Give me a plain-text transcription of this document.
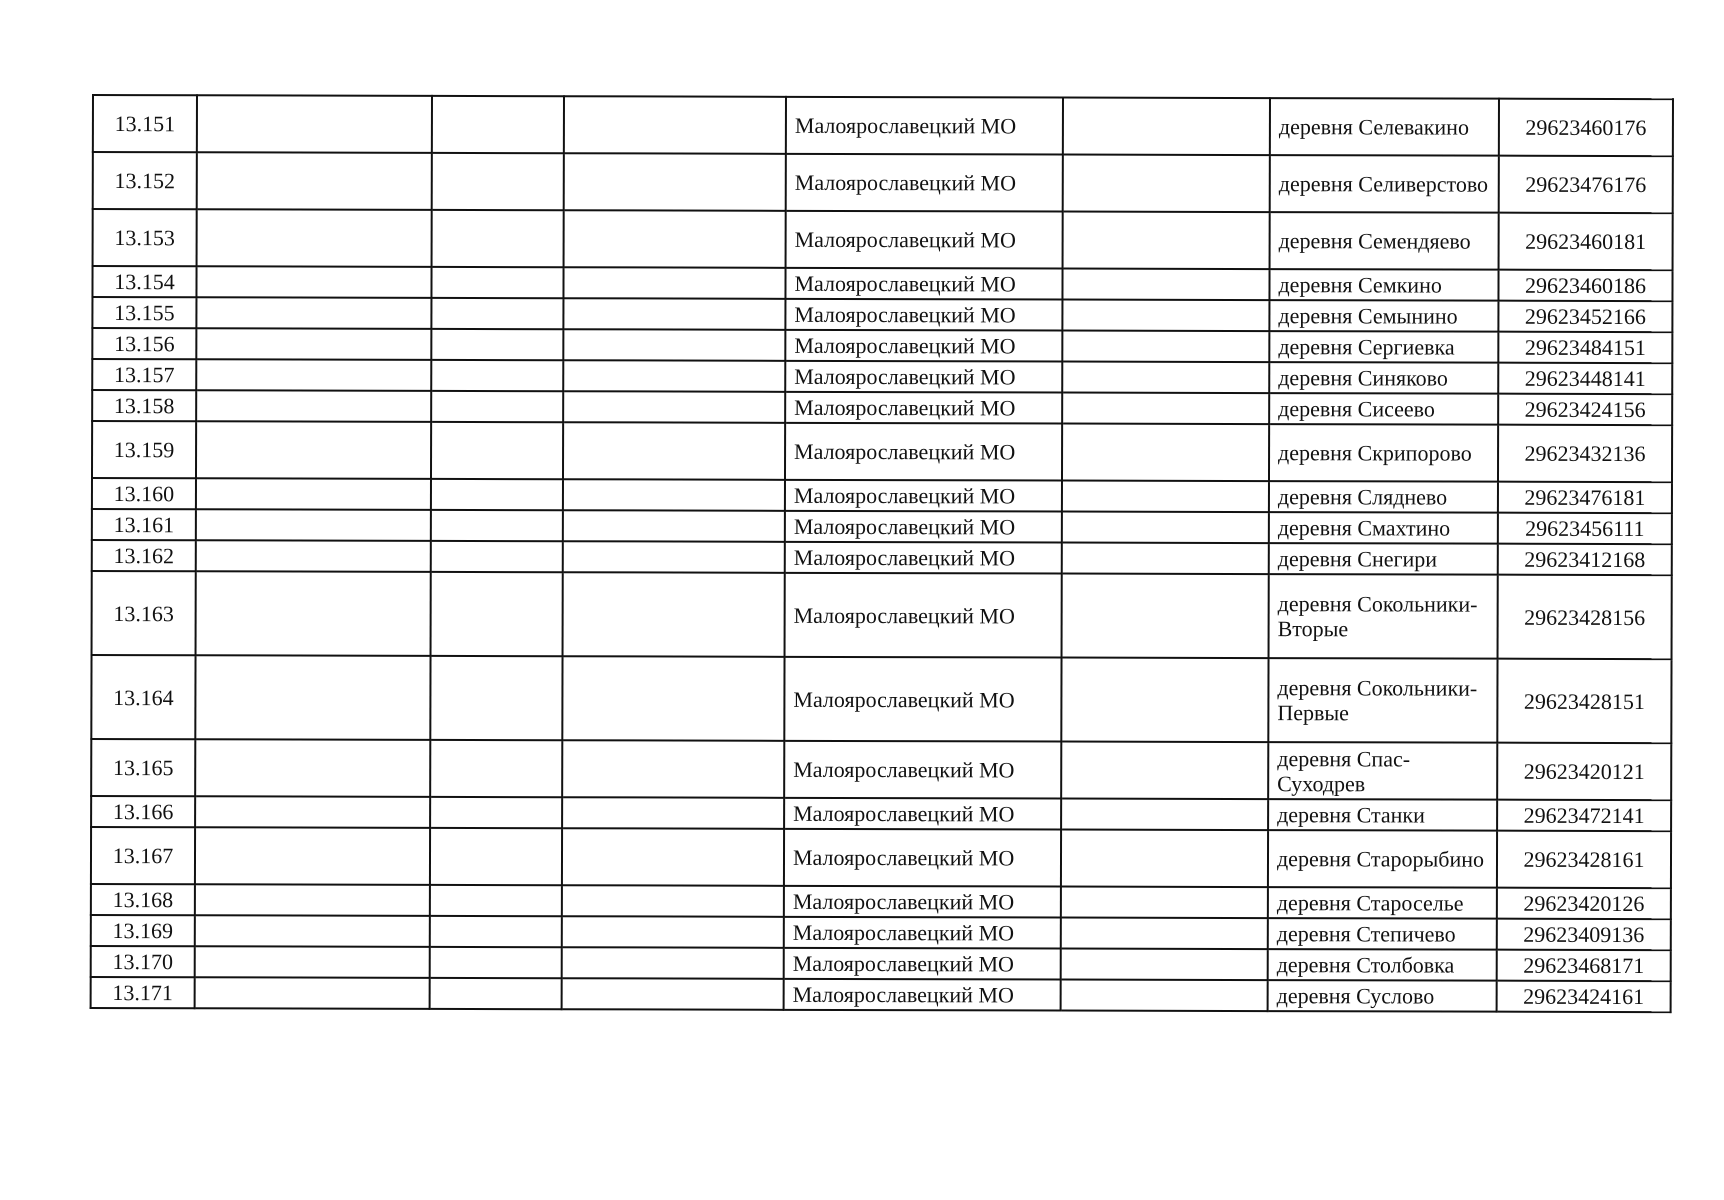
13.151				Малоярославецкий МО		деревня Селевакино	29623460176
13.152				Малоярославецкий МО		деревня Селиверстово	29623476176
13.153				Малоярославецкий МО		деревня Семендяево	29623460181
13.154				Малоярославецкий МО		деревня Семкино	29623460186
13.155				Малоярославецкий МО		деревня Семынино	29623452166
13.156				Малоярославецкий МО		деревня Сергиевка	29623484151
13.157				Малоярославецкий МО		деревня Синяково	29623448141
13.158				Малоярославецкий МО		деревня Сисеево	29623424156
13.159				Малоярославецкий МО		деревня Скрипорово	29623432136
13.160				Малоярославецкий МО		деревня Сляднево	29623476181
13.161				Малоярославецкий МО		деревня Смахтино	29623456111
13.162				Малоярославецкий МО		деревня Снегири	29623412168
13.163				Малоярославецкий МО		деревня Сокольники-Вторые	29623428156
13.164				Малоярославецкий МО		деревня Сокольники-Первые	29623428151
13.165				Малоярославецкий МО		деревня Спас-Суходрев	29623420121
13.166				Малоярославецкий МО		деревня Станки	29623472141
13.167				Малоярославецкий МО		деревня Старорыбино	29623428161
13.168				Малоярославецкий МО		деревня Староселье	29623420126
13.169				Малоярославецкий МО		деревня Степичево	29623409136
13.170				Малоярославецкий МО		деревня Столбовка	29623468171
13.171				Малоярославецкий МО		деревня Суслово	29623424161
